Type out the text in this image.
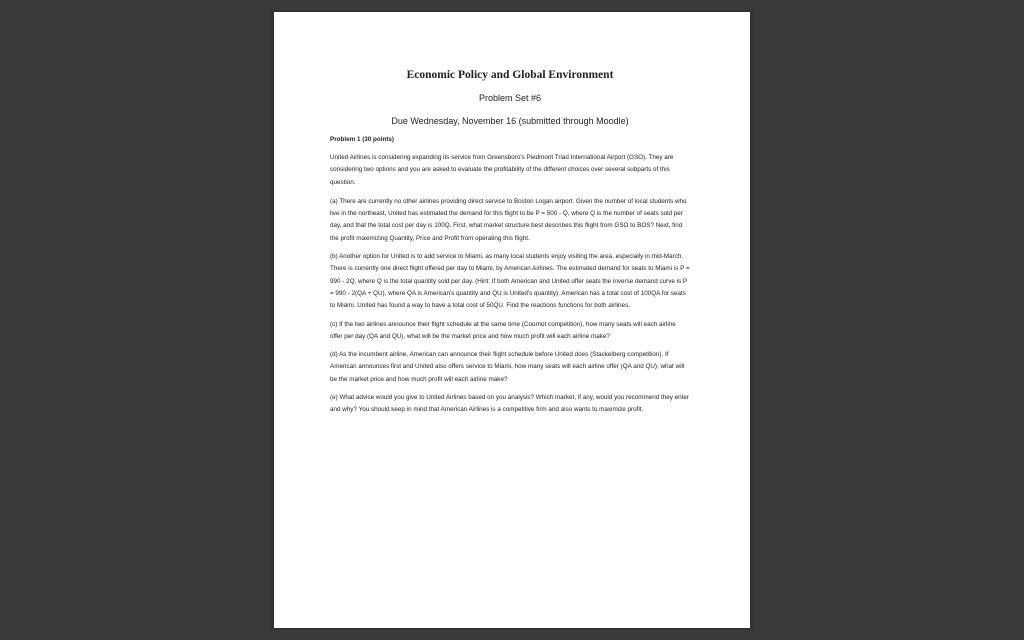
Economic Policy and Global Environment
Problem Set #6
Due Wednesday, November 16 (submitted through Moodle)
Problem 1 (30 points)

United Airlines is considering expanding its service from Greensboro's Piedmont Triad International Airport (GSO). They are considering two options and you are asked to evaluate the profitability of the different choices over several subparts of this question.

(a) There are currently no other airlines providing direct service to Boston Logan airport. Given the number of local students who live in the northeast, United has estimated the demand for this flight to be P = 500 - Q, where Q is the number of seats sold per day, and that the total cost per day is 100Q. First, what market structure best describes this flight from GSO to BOS? Next, find the profit maximizing Quantity, Price and Profit from operating this flight.

(b) Another option for United is to add service to Miami, as many local students enjoy visiting the area, especially in mid-March. There is currently one direct flight offered per day to Miami, by American Airlines. The estimated demand for seats to Miami is P = 990 - 2Q, where Q is the total quantity sold per day. (Hint: If both American and United offer seats the inverse demand curve is P = 990 - 2(QA + QU), where QA is American's quantity and QU is United's quantity). American has a total cost of 100QA for seats to Miami. United has found a way to have a total cost of 50QU. Find the reactions functions for both airlines.

(c) If the two airlines announce their flight schedule at the same time (Cournot competition), how many seats will each airline offer per day (QA and QU), what will be the market price and how much profit will each airline make?

(d) As the incumbent airline, American can announce their flight schedule before United does (Stackelberg competition). If American announces first and United also offers service to Miami, how many seats will each airline offer (QA and QU), what will be the market price and how much profit will each airline make?

(e) What advice would you give to United Airlines based on you analysis? Which market, if any, would you recommend they enter and why? You should keep in mind that American Airlines is a competitive firm and also wants to maximize profit.
